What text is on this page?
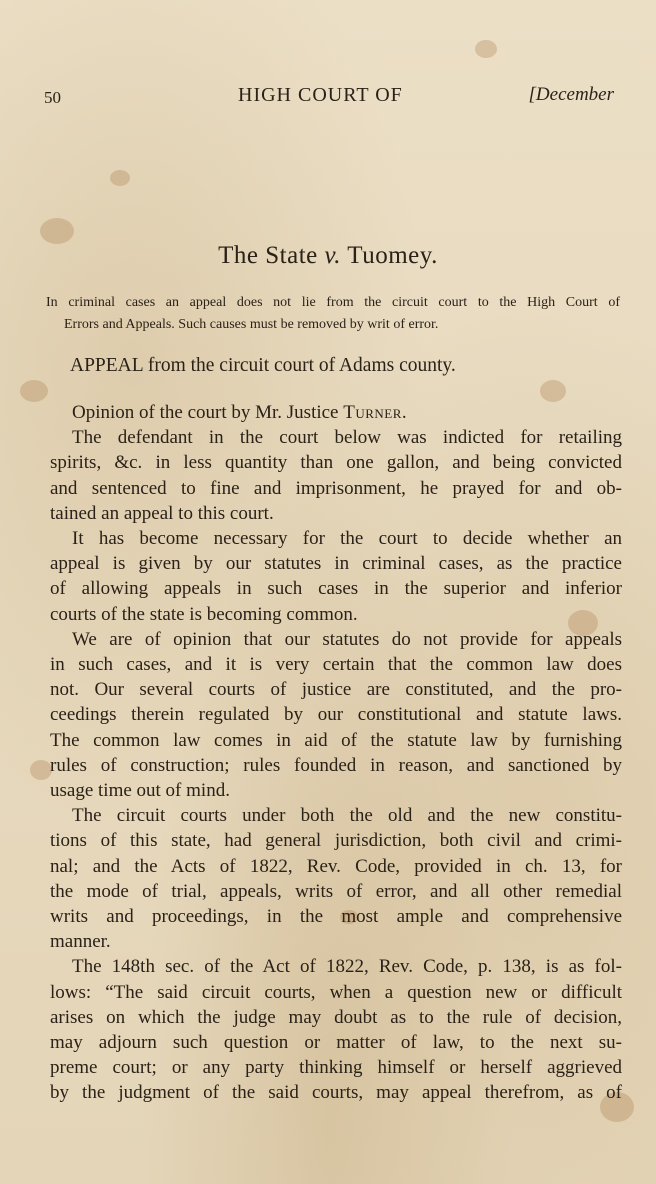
50	HIGH COURT OF	[December
The State v. Tuomey.
In criminal cases an appeal does not lie from the circuit court to the High Court of
Errors and Appeals. Such causes must be removed by writ of error.
APPEAL from the circuit court of Adams county.
Opinion of the court by Mr. Justice Turner.
The defendant in the court below was indicted for retailing
spirits, &c. in less quantity than one gallon, and being convicted
and sentenced to fine and imprisonment, he prayed for and ob-
tained an appeal to this court.
It has become necessary for the court to decide whether an
appeal is given by our statutes in criminal cases, as the practice
of allowing appeals in such cases in the superior and inferior
courts of the state is becoming common.
We are of opinion that our statutes do not provide for appeals
in such cases, and it is very certain that the common law does
not. Our several courts of justice are constituted, and the pro-
ceedings therein regulated by our constitutional and statute laws.
The common law comes in aid of the statute law by furnishing
rules of construction; rules founded in reason, and sanctioned by
usage time out of mind.
The circuit courts under both the old and the new constitu-
tions of this state, had general jurisdiction, both civil and crimi-
nal; and the Acts of 1822, Rev. Code, provided in ch. 13, for
the mode of trial, appeals, writs of error, and all other remedial
writs and proceedings, in the most ample and comprehensive
manner.
The 148th sec. of the Act of 1822, Rev. Code, p. 138, is as fol-
lows: “The said circuit courts, when a question new or difficult
arises on which the judge may doubt as to the rule of decision,
may adjourn such question or matter of law, to the next su-
preme court; or any party thinking himself or herself aggrieved
by the judgment of the said courts, may appeal therefrom, as of
